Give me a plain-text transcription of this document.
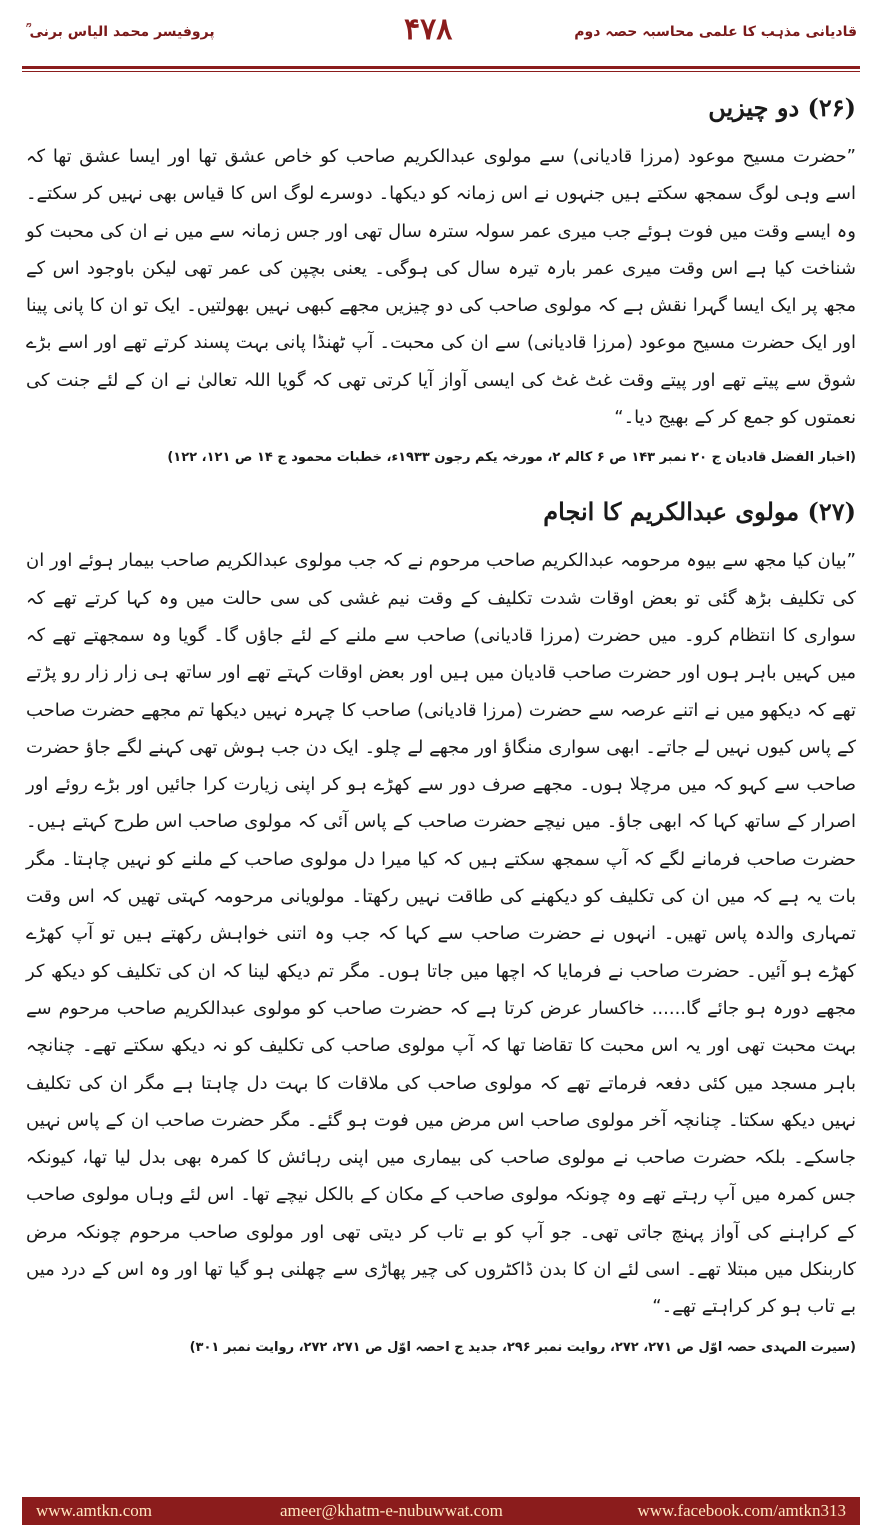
پروفیسر محمد الیاس برنی ؒ	۴۷۸	قادیانی مذہب کا علمی محاسبہ حصہ دوم
(۲۶) دو چیزیں

”حضرت مسیح موعود (مرزا قادیانی) سے مولوی عبدالکریم صاحب کو خاص عشق تھا اور ایسا عشق تھا کہ اسے وہی لوگ سمجھ سکتے ہیں جنہوں نے اس زمانہ کو دیکھا۔ دوسرے لوگ اس کا قیاس بھی نہیں کر سکتے۔ وہ ایسے وقت میں فوت ہوئے جب میری عمر سولہ سترہ سال تھی اور جس زمانہ سے میں نے ان کی محبت کو شناخت کیا ہے اس وقت میری عمر بارہ تیرہ سال کی ہوگی۔ یعنی بچپن کی عمر تھی لیکن باوجود اس کے مجھ پر ایک ایسا گہرا نقش ہے کہ مولوی صاحب کی دو چیزیں مجھے کبھی نہیں بھولتیں۔ ایک تو ان کا پانی پینا اور ایک حضرت مسیح موعود (مرزا قادیانی) سے ان کی محبت۔ آپ ٹھنڈا پانی بہت پسند کرتے تھے اور اسے بڑے شوق سے پیتے تھے اور پیتے وقت غٹ غٹ کی ایسی آواز آیا کرتی تھی کہ گویا اللہ تعالیٰ نے ان کے لئے جنت کی نعمتوں کو جمع کر کے بھیج دیا۔“

(اخبار الفضل قادیان ج ۲۰ نمبر ۱۴۳ ص ۶ کالم ۲، مورخہ یکم رجون ۱۹۳۳ء، خطبات محمود ج ۱۴ ص ۱۲۱، ۱۲۲)
(۲۷) مولوی عبدالکریم کا انجام

”بیان کیا مجھ سے بیوہ مرحومہ عبدالکریم صاحب مرحوم نے کہ جب مولوی عبدالکریم صاحب بیمار ہوئے اور ان کی تکلیف بڑھ گئی تو بعض اوقات شدت تکلیف کے وقت نیم غشی کی سی حالت میں وہ کہا کرتے تھے کہ سواری کا انتظام کرو۔ میں حضرت (مرزا قادیانی) صاحب سے ملنے کے لئے جاؤں گا۔ گویا وہ سمجھتے تھے کہ میں کہیں باہر ہوں اور حضرت صاحب قادیان میں ہیں اور بعض اوقات کہتے تھے اور ساتھ ہی زار زار رو پڑتے تھے کہ دیکھو میں نے اتنے عرصہ سے حضرت (مرزا قادیانی) صاحب کا چہرہ نہیں دیکھا تم مجھے حضرت صاحب کے پاس کیوں نہیں لے جاتے۔ ابھی سواری منگاؤ اور مجھے لے چلو۔ ایک دن جب ہوش تھی کہنے لگے جاؤ حضرت صاحب سے کہو کہ میں مرچلا ہوں۔ مجھے صرف دور سے کھڑے ہو کر اپنی زیارت کرا جائیں اور بڑے روئے اور اصرار کے ساتھ کہا کہ ابھی جاؤ۔ میں نیچے حضرت صاحب کے پاس آئی کہ مولوی صاحب اس طرح کہتے ہیں۔ حضرت صاحب فرمانے لگے کہ آپ سمجھ سکتے ہیں کہ کیا میرا دل مولوی صاحب کے ملنے کو نہیں چاہتا۔ مگر بات یہ ہے کہ میں ان کی تکلیف کو دیکھنے کی طاقت نہیں رکھتا۔ مولویانی مرحومہ کہتی تھیں کہ اس وقت تمہاری والدہ پاس تھیں۔ انہوں نے حضرت صاحب سے کہا کہ جب وہ اتنی خواہش رکھتے ہیں تو آپ کھڑے کھڑے ہو آئیں۔ حضرت صاحب نے فرمایا کہ اچھا میں جاتا ہوں۔ مگر تم دیکھ لینا کہ ان کی تکلیف کو دیکھ کر مجھے دورہ ہو جائے گا...... خاکسار عرض کرتا ہے کہ حضرت صاحب کو مولوی عبدالکریم صاحب مرحوم سے بہت محبت تھی اور یہ اس محبت کا تقاضا تھا کہ آپ مولوی صاحب کی تکلیف کو نہ دیکھ سکتے تھے۔ چنانچہ باہر مسجد میں کئی دفعہ فرماتے تھے کہ مولوی صاحب کی ملاقات کا بہت دل چاہتا ہے مگر ان کی تکلیف نہیں دیکھ سکتا۔ چنانچہ آخر مولوی صاحب اس مرض میں فوت ہو گئے۔ مگر حضرت صاحب ان کے پاس نہیں جاسکے۔ بلکہ حضرت صاحب نے مولوی صاحب کی بیماری میں اپنی رہائش کا کمرہ بھی بدل لیا تھا، کیونکہ جس کمرہ میں آپ رہتے تھے وہ چونکہ مولوی صاحب کے مکان کے بالکل نیچے تھا۔ اس لئے وہاں مولوی صاحب کے کراہنے کی آواز پہنچ جاتی تھی۔ جو آپ کو بے تاب کر دیتی تھی اور مولوی صاحب مرحوم چونکہ مرض کاربنکل میں مبتلا تھے۔ اسی لئے ان کا بدن ڈاکٹروں کی چیر پھاڑی سے چھلنی ہو گیا تھا اور وہ اس کے درد میں بے تاب ہو کر کراہتے تھے۔“

(سیرت المہدی حصہ اوّل ص ۲۷۱، ۲۷۲، روایت نمبر ۲۹۶، جدید ج احصہ اوّل ص ۲۷۱، ۲۷۲، روایت نمبر ۳۰۱)
www.amtkn.com	ameer@khatm-e-nubuwwat.com	www.facebook.com/amtkn313
